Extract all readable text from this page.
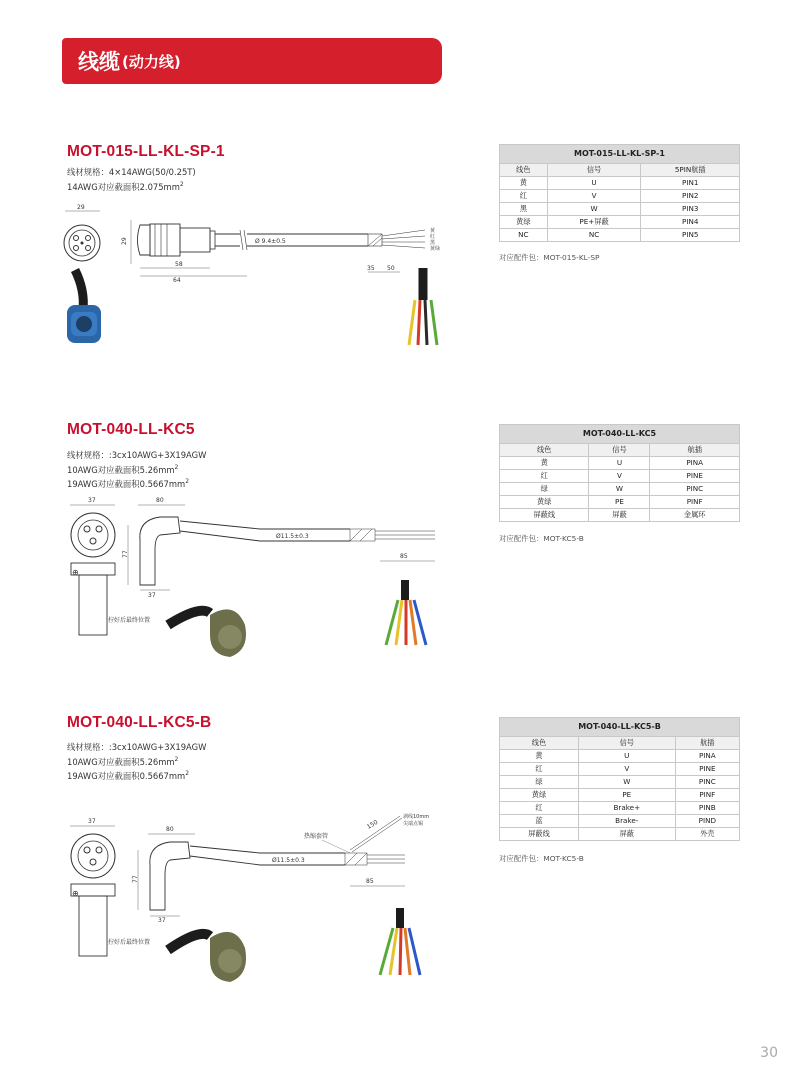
线缆 (动力线)
MOT-015-LL-KL-SP-1
线材规格：4×14AWG(50/0.25T)
14AWG对应截面积$2.075mm^2$
29
29	Ø 9.4±0.5
黄
红
黑
黄绿
58
64
35 50
MOT-015-LL-KL-SP-1		
线色	信号	5PIN航插
黄	U	PIN1
红	V	PIN2
黑	W	PIN3
黄绿	PE+屏蔽	PIN4
NC	NC	PIN5
对应配件包：MOT-015-KL-SP
MOT-040-LL-KC5
线材规格：:3cx10AWG+3X19AGW
10AWG对应截面积$5.26mm^2$
19AWG对应截面积$0.5667mm^2$
37
⊕
拧好后最终位置
80
77
37
Ø11.5±0.3
85
MOT-040-LL-KC5		
线色	信号	航插
黄	U	PINA
红	V	PINE
绿	W	PINC
黄绿	PE	PINF
屏蔽线	屏蔽	金属环
对应配件包：MOT-KC5-B
MOT-040-LL-KC5-B
线材规格：:3cx10AWG+3X19AGW
10AWG对应截面积$5.26mm^2$
19AWG对应截面积$0.5667mm^2$
37
⊕
拧好后最终位置
80
77
37
Ø11.5±0.3
热缩套管
150
剥线10mm
尖端点锡
85
MOT-040-LL-KC5-B		
线色	信号	航插
黄	U	PINA
红	V	PINE
绿	W	PINC
黄绿	PE	PINF
红	Brake+	PINB
蓝	Brake-	PIND
屏蔽线	屏蔽	外壳
对应配件包：MOT-KC5-B
30
